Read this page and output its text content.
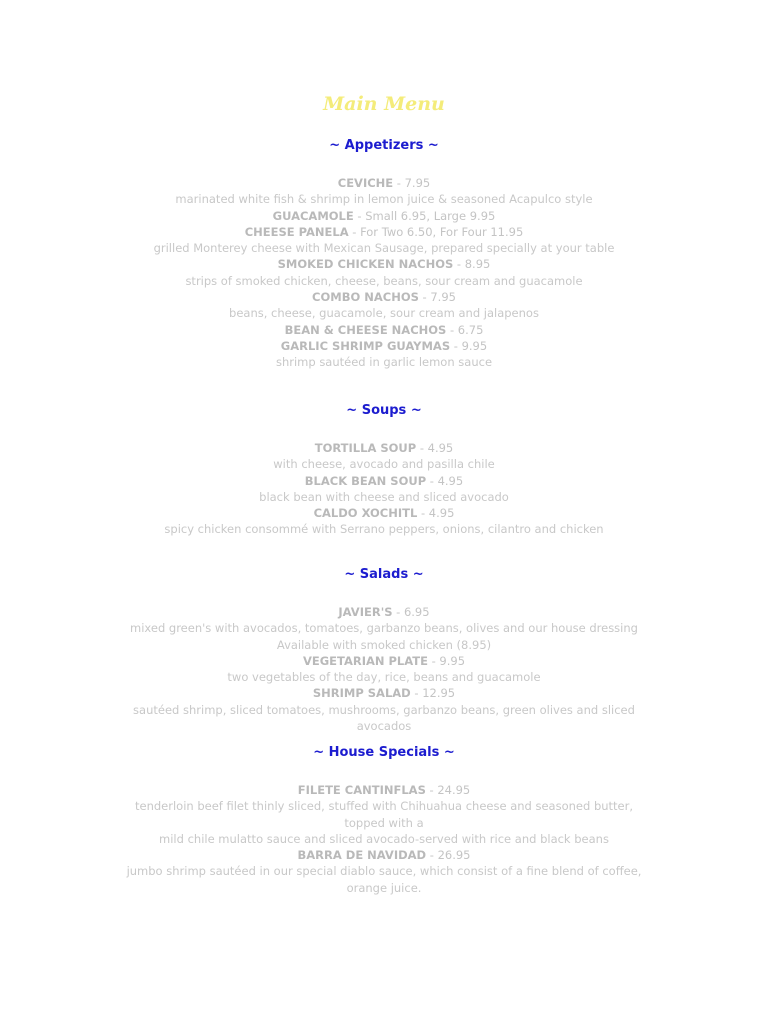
Main Menu
~ Appetizers ~

CEVICHE - 7.95

marinated white fish & shrimp in lemon juice & seasoned Acapulco style

GUACAMOLE - Small 6.95, Large 9.95

CHEESE PANELA - For Two 6.50, For Four 11.95

grilled Monterey cheese with Mexican Sausage, prepared specially at your table

SMOKED CHICKEN NACHOS - 8.95

strips of smoked chicken, cheese, beans, sour cream and guacamole

COMBO NACHOS - 7.95

beans, cheese, guacamole, sour cream and jalapenos

BEAN & CHEESE NACHOS - 6.75

GARLIC SHRIMP GUAYMAS - 9.95

shrimp sautéed in garlic lemon sauce

~ Soups ~

TORTILLA SOUP - 4.95

with cheese, avocado and pasilla chile

BLACK BEAN SOUP - 4.95

black bean with cheese and sliced avocado

CALDO XOCHITL - 4.95

spicy chicken consommé with Serrano peppers, onions, cilantro and chicken

~ Salads ~

JAVIER'S - 6.95

mixed green's with avocados, tomatoes, garbanzo beans, olives and our house dressing

Available with smoked chicken (8.95)

VEGETARIAN PLATE - 9.95

two vegetables of the day, rice, beans and guacamole

SHRIMP SALAD - 12.95

sautéed shrimp, sliced tomatoes, mushrooms, garbanzo beans, green olives and sliced avocados

~ House Specials ~

FILETE CANTINFLAS - 24.95

tenderloin beef filet thinly sliced, stuffed with Chihuahua cheese and seasoned butter, topped with a

mild chile mulatto sauce and sliced avocado-served with rice and black beans

BARRA DE NAVIDAD - 26.95

jumbo shrimp sautéed in our special diablo sauce, which consist of a fine blend of coffee, orange juice.
